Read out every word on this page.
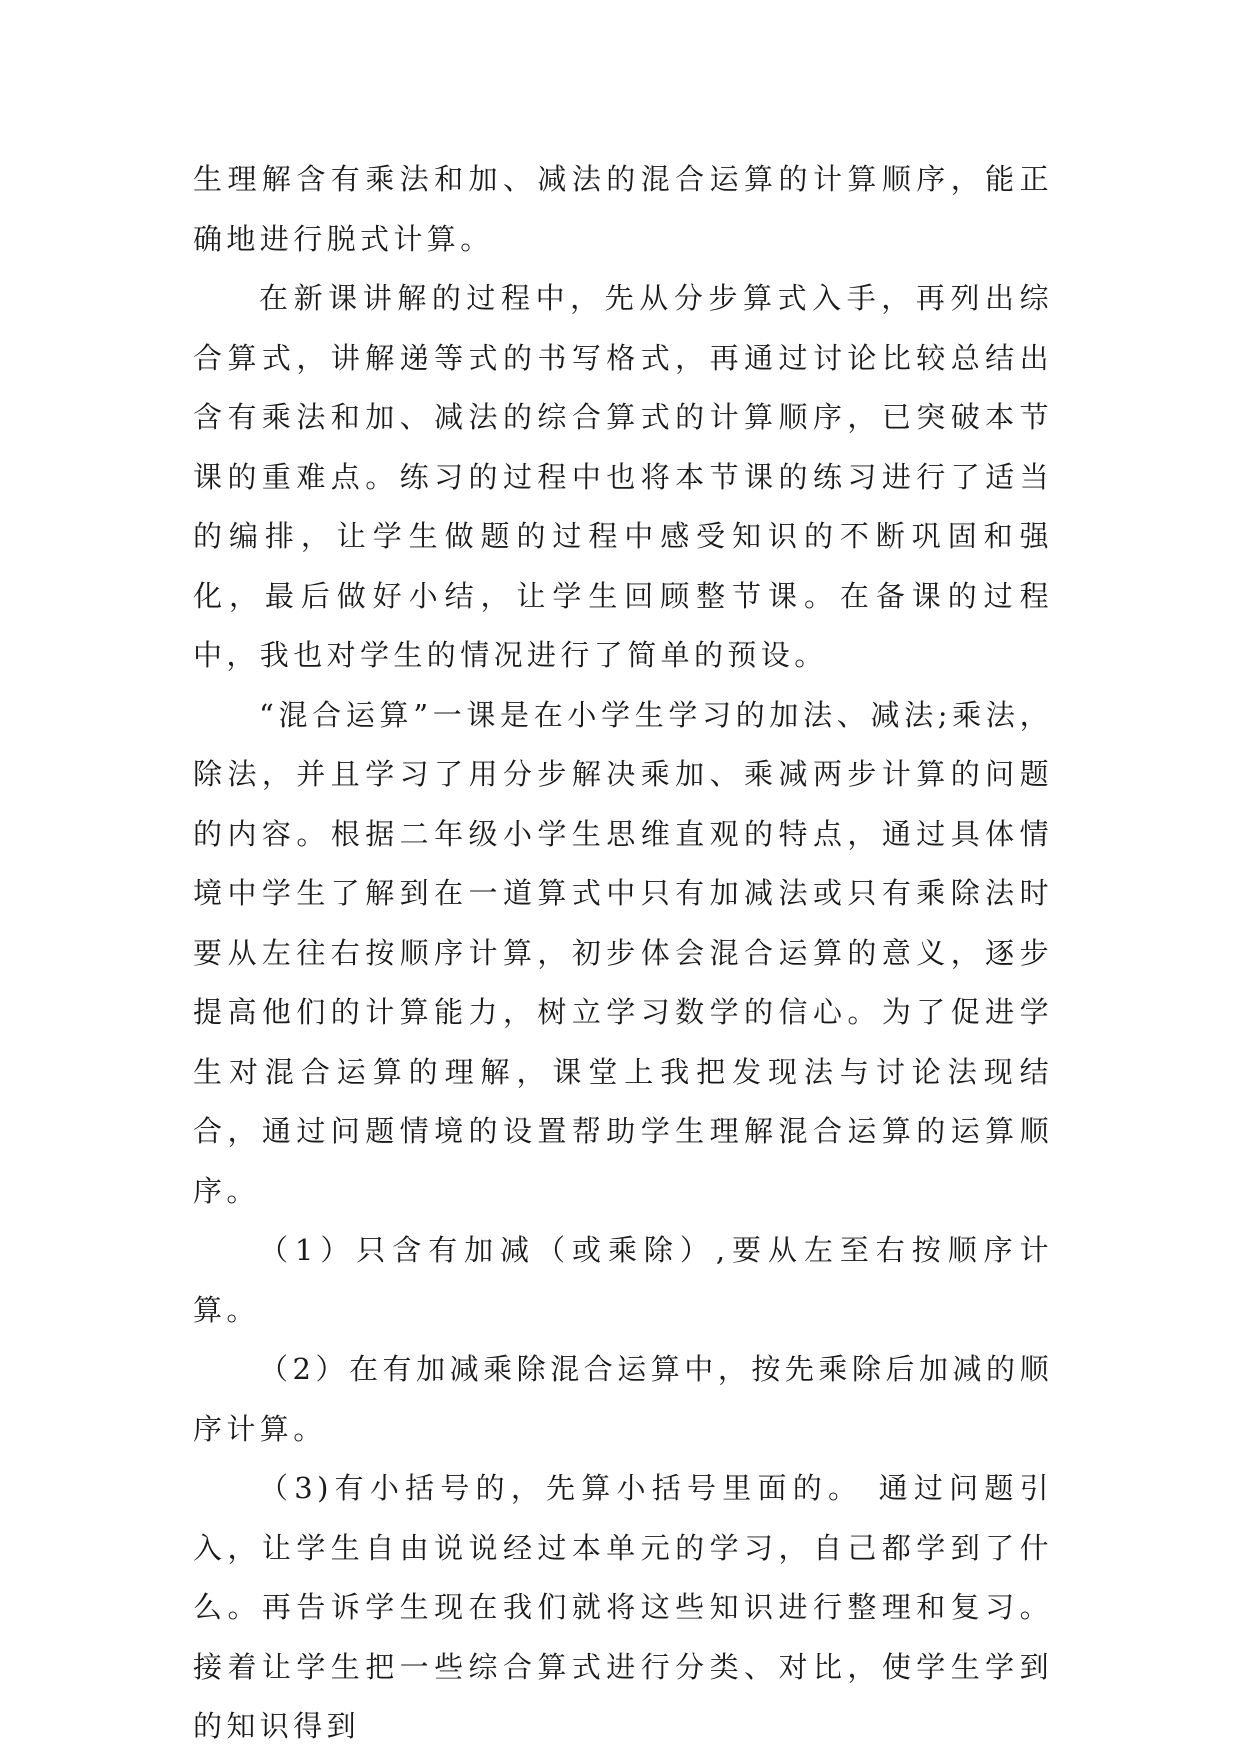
生理解含有乘法和加、减法的混合运算的计算顺序，能正确地进行脱式计算。

在新课讲解的过程中，先从分步算式入手，再列出综合算式，讲解递等式的书写格式，再通过讨论比较总结出含有乘法和加、减法的综合算式的计算顺序，已突破本节课的重难点。练习的过程中也将本节课的练习进行了适当的编排，让学生做题的过程中感受知识的不断巩固和强化，最后做好小结，让学生回顾整节课。在备课的过程中，我也对学生的情况进行了简单的预设。

“混合运算”一课是在小学生学习的加法、减法;乘法，除法，并且学习了用分步解决乘加、乘减两步计算的问题的内容。根据二年级小学生思维直观的特点，通过具体情境中学生了解到在一道算式中只有加减法或只有乘除法时要从左往右按顺序计算，初步体会混合运算的意义，逐步提高他们的计算能力，树立学习数学的信心。为了促进学生对混合运算的理解，课堂上我把发现法与讨论法现结合，通过问题情境的设置帮助学生理解混合运算的运算顺序。

（1）只含有加减（或乘除）,要从左至右按顺序计算。

（2）在有加减乘除混合运算中，按先乘除后加减的顺序计算。

（3)有小括号的，先算小括号里面的。 通过问题引入，让学生自由说说经过本单元的学习，自己都学到了什么。再告诉学生现在我们就将这些知识进行整理和复习。接着让学生把一些综合算式进行分类、对比，使学生学到的知识得到
